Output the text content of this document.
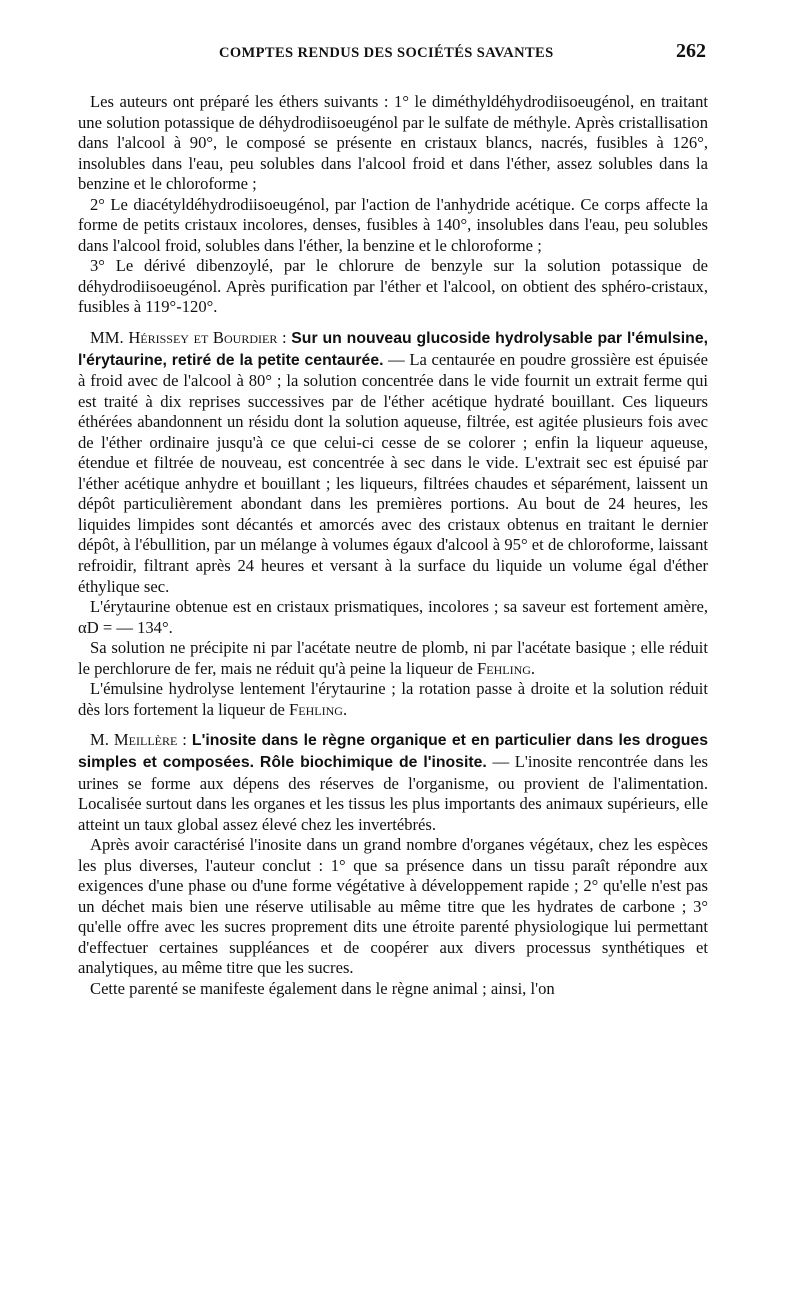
COMPTES RENDUS DES SOCIÉTÉS SAVANTES	262

Les auteurs ont préparé les éthers suivants : 1° le diméthyldéhydrodiisoeugénol, en traitant une solution potassique de déhydrodiisoeugénol par le sulfate de méthyle. Après cristallisation dans l'alcool à 90°, le composé se présente en cristaux blancs, nacrés, fusibles à 126°, insolubles dans l'eau, peu solubles dans l'alcool froid et dans l'éther, assez solubles dans la benzine et le chloroforme ;

2° Le diacétyldéhydrodiisoeugénol, par l'action de l'anhydride acétique. Ce corps affecte la forme de petits cristaux incolores, denses, fusibles à 140°, insolubles dans l'eau, peu solubles dans l'alcool froid, solubles dans l'éther, la benzine et le chloroforme ;

3° Le dérivé dibenzoylé, par le chlorure de benzyle sur la solution potassique de déhydrodiisoeugénol. Après purification par l'éther et l'alcool, on obtient des sphéro-cristaux, fusibles à 119°-120°.

MM. Hérissey et Bourdier : Sur un nouveau glucoside hydrolysable par l'émulsine, l'érytaurine, retiré de la petite centaurée. — La centaurée en poudre grossière est épuisée à froid avec de l'alcool à 80° ; la solution concentrée dans le vide fournit un extrait ferme qui est traité à dix reprises successives par de l'éther acétique hydraté bouillant. Ces liqueurs éthérées abandonnent un résidu dont la solution aqueuse, filtrée, est agitée plusieurs fois avec de l'éther ordinaire jusqu'à ce que celui-ci cesse de se colorer ; enfin la liqueur aqueuse, étendue et filtrée de nouveau, est concentrée à sec dans le vide. L'extrait sec est épuisé par l'éther acétique anhydre et bouillant ; les liqueurs, filtrées chaudes et séparément, laissent un dépôt particulièrement abondant dans les premières portions. Au bout de 24 heures, les liquides limpides sont décantés et amorcés avec des cristaux obtenus en traitant le dernier dépôt, à l'ébullition, par un mélange à volumes égaux d'alcool à 95° et de chloroforme, laissant refroidir, filtrant après 24 heures et versant à la surface du liquide un volume égal d'éther éthylique sec.

L'érytaurine obtenue est en cristaux prismatiques, incolores ; sa saveur est fortement amère, αD = — 134°.

Sa solution ne précipite ni par l'acétate neutre de plomb, ni par l'acétate basique ; elle réduit le perchlorure de fer, mais ne réduit qu'à peine la liqueur de Fehling.

L'émulsine hydrolyse lentement l'érytaurine ; la rotation passe à droite et la solution réduit dès lors fortement la liqueur de Fehling.

M. Meillère : L'inosite dans le règne organique et en particulier dans les drogues simples et composées. Rôle biochimique de l'inosite. — L'inosite rencontrée dans les urines se forme aux dépens des réserves de l'organisme, ou provient de l'alimentation. Localisée surtout dans les organes et les tissus les plus importants des animaux supérieurs, elle atteint un taux global assez élevé chez les invertébrés.

Après avoir caractérisé l'inosite dans un grand nombre d'organes végétaux, chez les espèces les plus diverses, l'auteur conclut : 1° que sa présence dans un tissu paraît répondre aux exigences d'une phase ou d'une forme végétative à développement rapide ; 2° qu'elle n'est pas un déchet mais bien une réserve utilisable au même titre que les hydrates de carbone ; 3° qu'elle offre avec les sucres proprement dits une étroite parenté physiologique lui permettant d'effectuer certaines suppléances et de coopérer aux divers processus synthétiques et analytiques, au même titre que les sucres.

Cette parenté se manifeste également dans le règne animal ; ainsi, l'on
